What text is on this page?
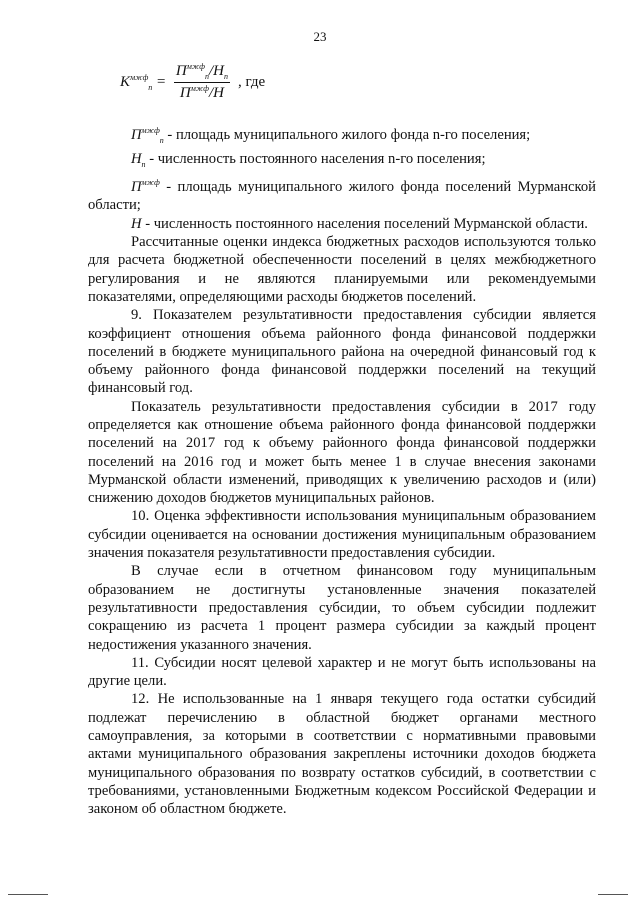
23
$K^{мжф}_п = \frac{П^{мжф}_п/H_п}{П^{мжф}/H}$ , где

$П^{мжф}_п$ - площадь муниципального жилого фонда n-го поселения;

$H_п$ - численность постоянного населения n-го поселения;

$П^{мжф}$ - площадь муниципального жилого фонда поселений Мурманской области;

H - численность постоянного населения поселений Мурманской области.

Рассчитанные оценки индекса бюджетных расходов используются только для расчета бюджетной обеспеченности поселений в целях межбюджетного регулирования и не являются планируемыми или рекомендуемыми показателями, определяющими расходы бюджетов поселений.

9. Показателем результативности предоставления субсидии является коэффициент отношения объема районного фонда финансовой поддержки поселений в бюджете муниципального района на очередной финансовый год к объему районного фонда финансовой поддержки поселений на текущий финансовый год.

Показатель результативности предоставления субсидии в 2017 году определяется как отношение объема районного фонда финансовой поддержки поселений на 2017 год к объему районного фонда финансовой поддержки поселений на 2016 год и может быть менее 1 в случае внесения законами Мурманской области изменений, приводящих к увеличению расходов и (или) снижению доходов бюджетов муниципальных районов.

10. Оценка эффективности использования муниципальным образованием субсидии оценивается на основании достижения муниципальным образованием значения показателя результативности предоставления субсидии.

В случае если в отчетном финансовом году муниципальным образованием не достигнуты установленные значения показателей результативности предоставления субсидии, то объем субсидии подлежит сокращению из расчета 1 процент размера субсидии за каждый процент недостижения указанного значения.

11. Субсидии носят целевой характер и не могут быть использованы на другие цели.

12. Не использованные на 1 января текущего года остатки субсидий подлежат перечислению в областной бюджет органами местного самоуправления, за которыми в соответствии с нормативными правовыми актами муниципального образования закреплены источники доходов бюджета муниципального образования по возврату остатков субсидий, в соответствии с требованиями, установленными Бюджетным кодексом Российской Федерации и законом об областном бюджете.
